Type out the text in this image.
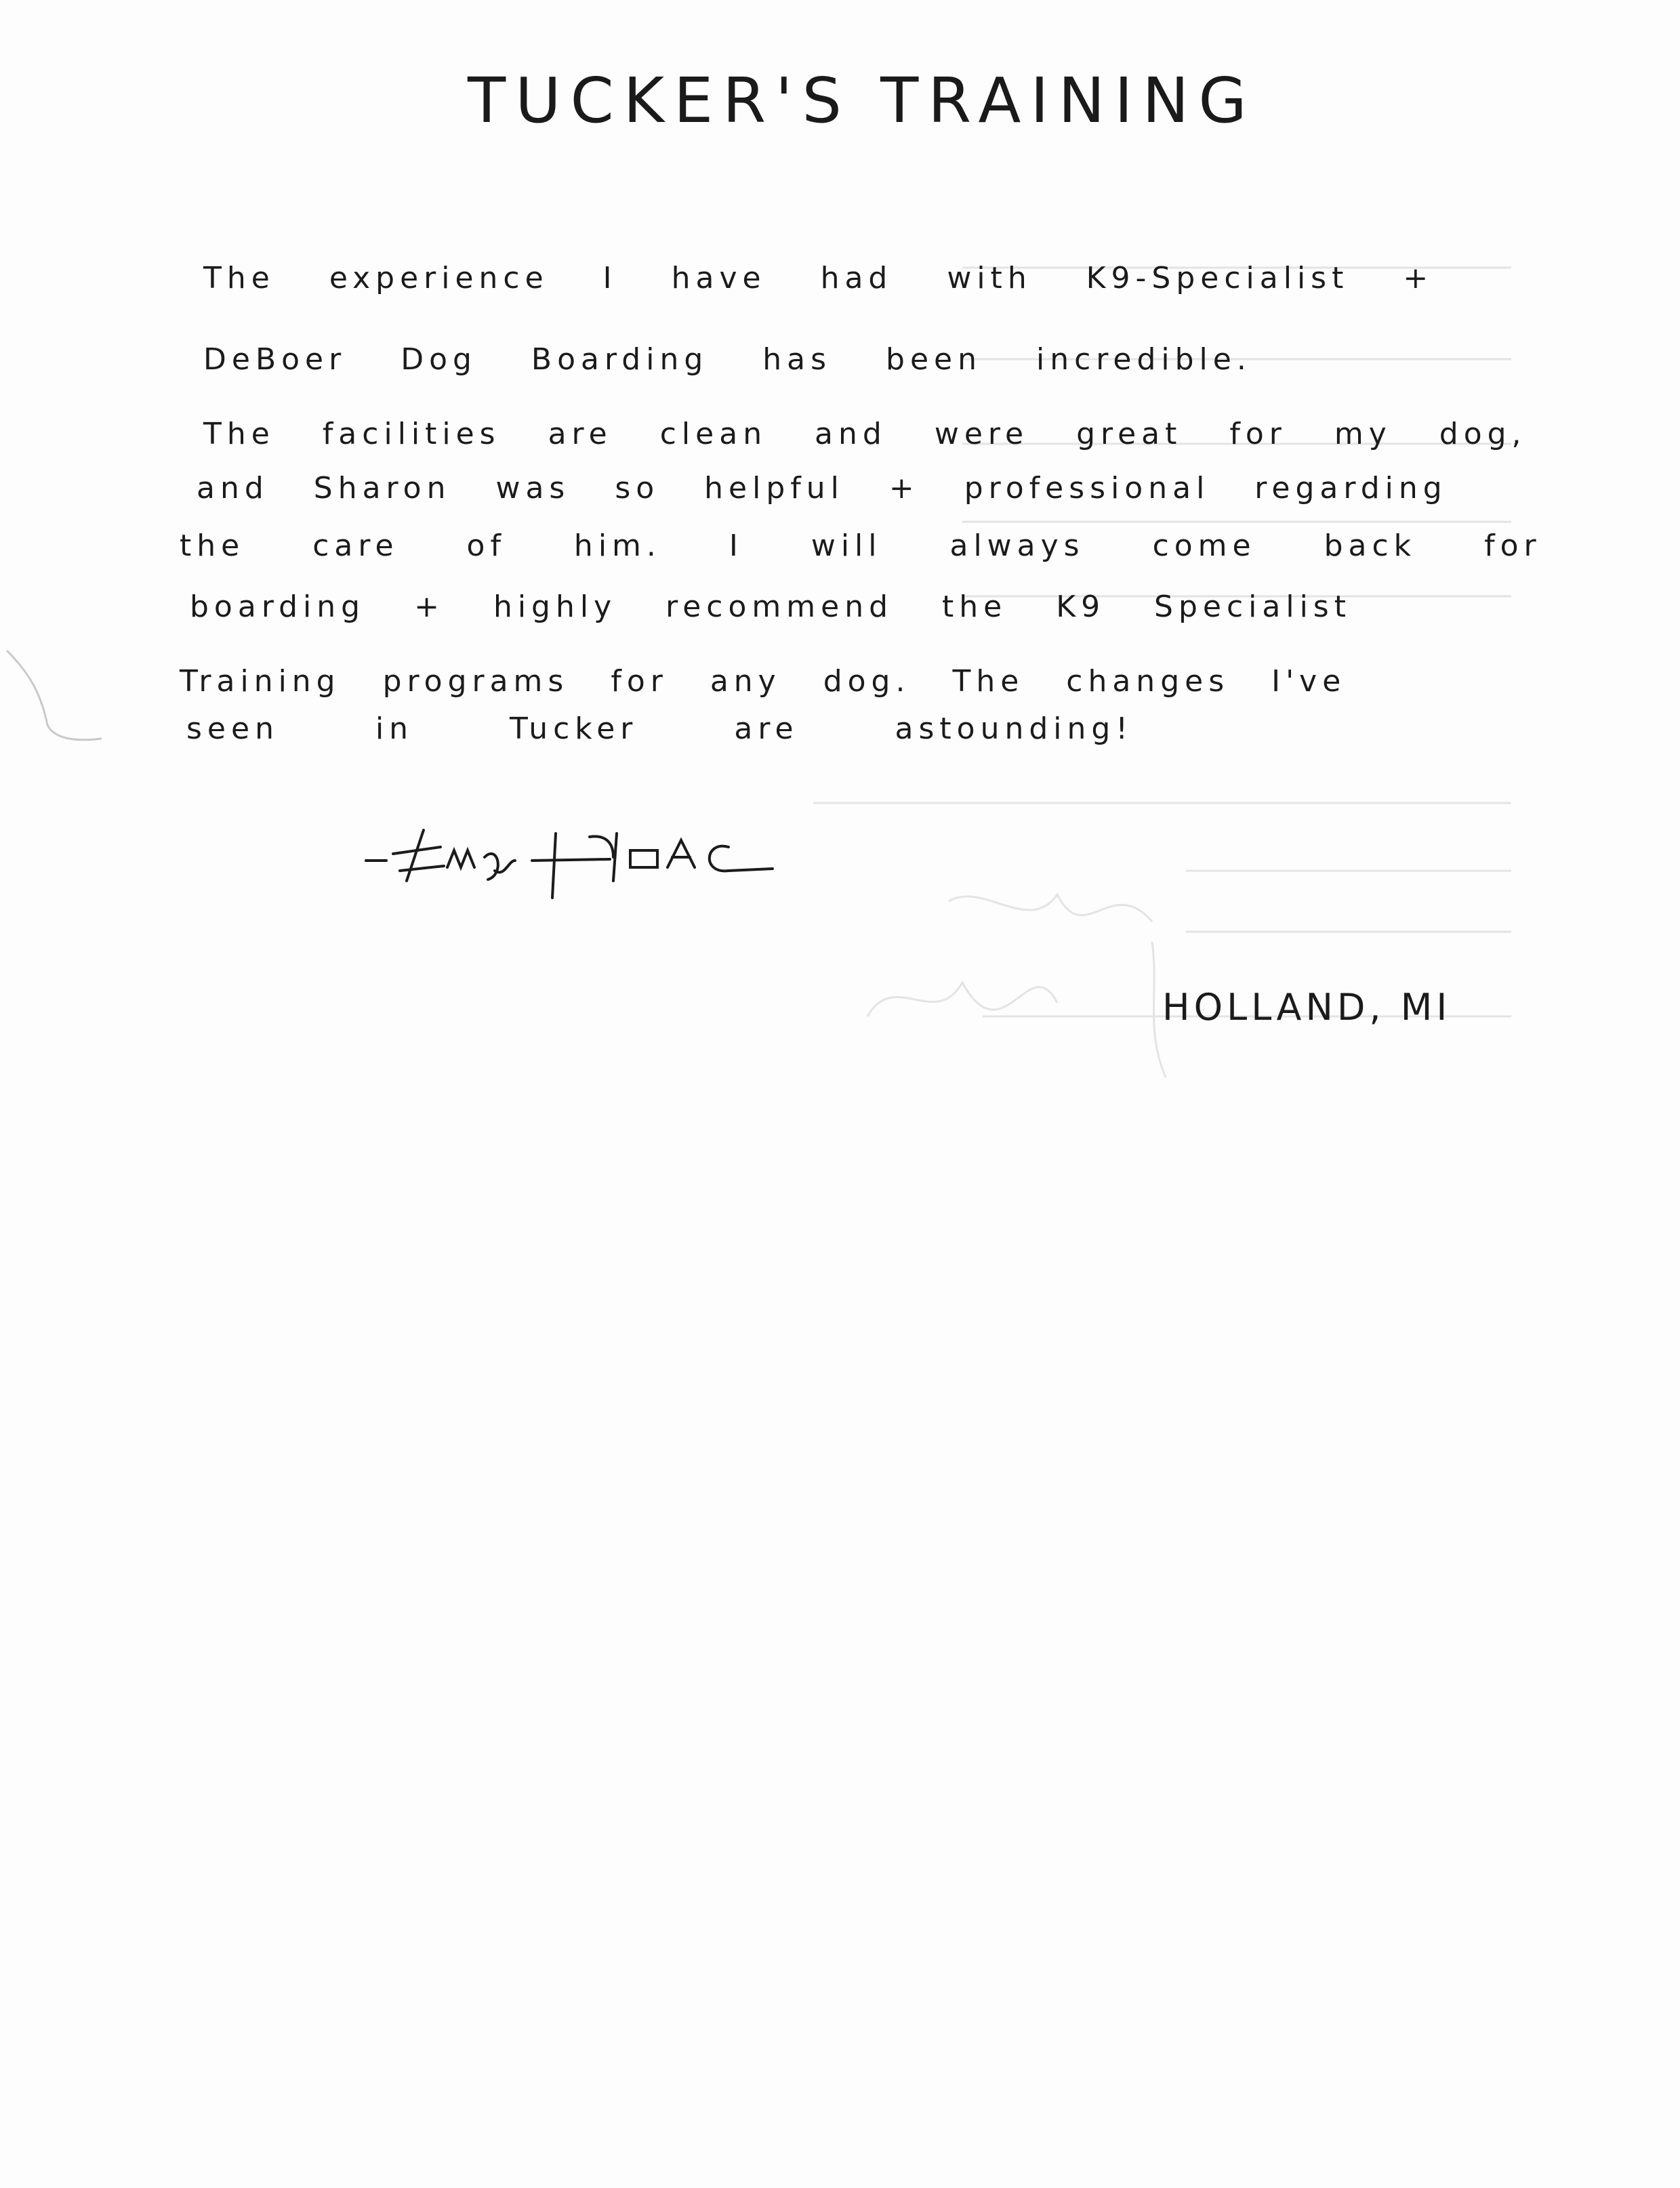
TUCKER'S TRAINING
The experience I have had with K9-Specialist +
DeBoer Dog Boarding has been incredible.
The facilities are clean and were great for my dog,
and Sharon was so helpful + professional regarding
the care of him. I will always come back for
boarding + highly recommend the K9 Specialist
Training programs for any dog. The changes I've
seen in Tucker are astounding!
HOLLAND, MI
